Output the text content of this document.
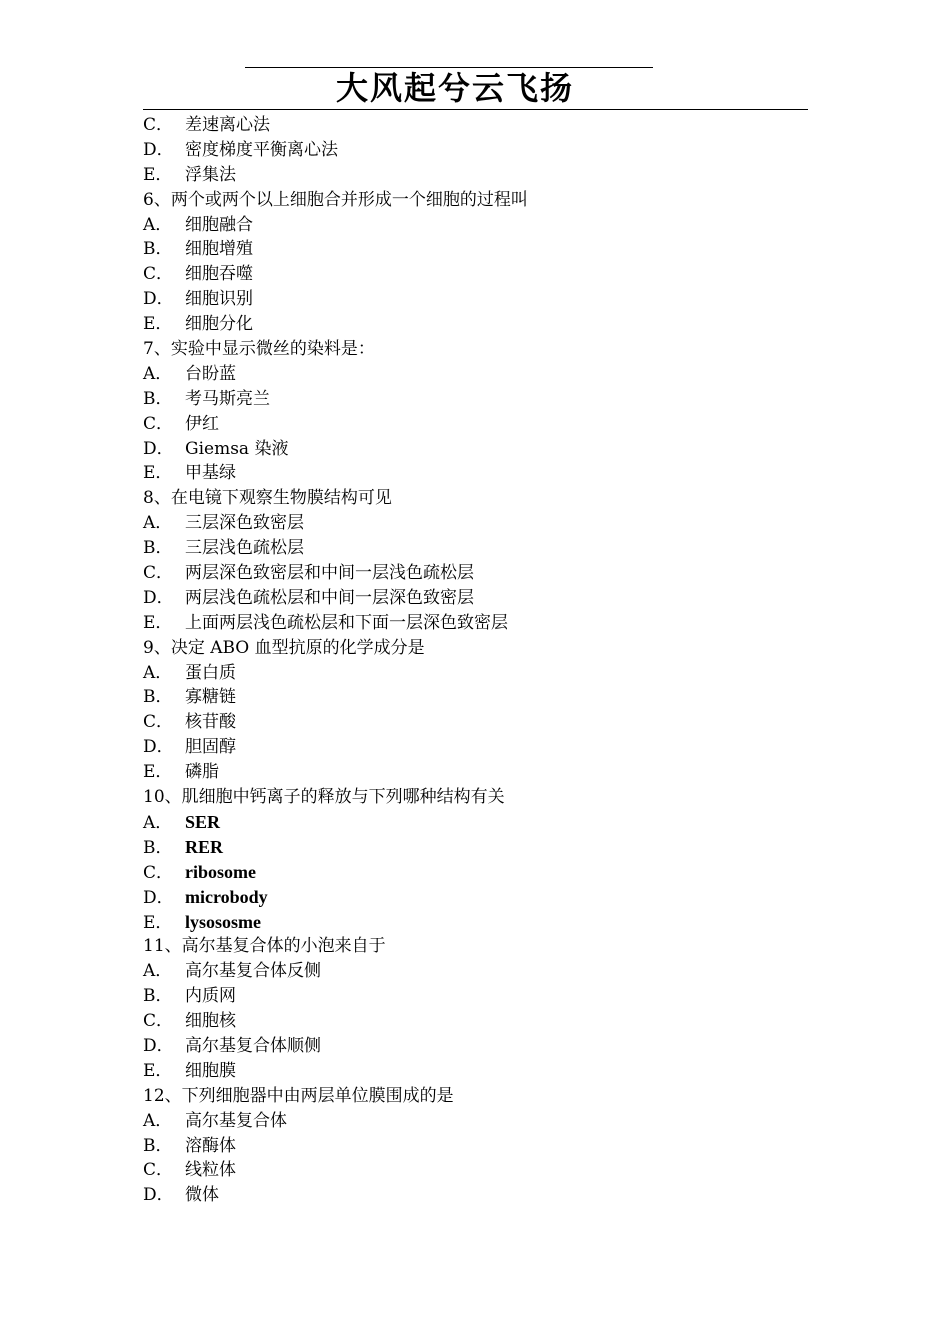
大风起兮云飞扬
C． 差速离心法
D． 密度梯度平衡离心法
E． 浮集法
6、两个或两个以上细胞合并形成一个细胞的过程叫
A． 细胞融合
B． 细胞增殖
C． 细胞吞噬
D． 细胞识别
E． 细胞分化
7、实验中显示微丝的染料是：
A． 台盼蓝
B． 考马斯亮兰
C． 伊红
D． Giemsa 染液
E． 甲基绿
8、在电镜下观察生物膜结构可见
A． 三层深色致密层
B． 三层浅色疏松层
C． 两层深色致密层和中间一层浅色疏松层
D． 两层浅色疏松层和中间一层深色致密层
E． 上面两层浅色疏松层和下面一层深色致密层
9、决定 ABO 血型抗原的化学成分是
A． 蛋白质
B． 寡糖链
C． 核苷酸
D． 胆固醇
E． 磷脂
10、肌细胞中钙离子的释放与下列哪种结构有关
A． SER
B． RER
C． ribosome
D． microbody
E． lysososme
11、高尔基复合体的小泡来自于
A． 高尔基复合体反侧
B． 内质网
C． 细胞核
D． 高尔基复合体顺侧
E． 细胞膜
12、下列细胞器中由两层单位膜围成的是
A． 高尔基复合体
B． 溶酶体
C． 线粒体
D． 微体
